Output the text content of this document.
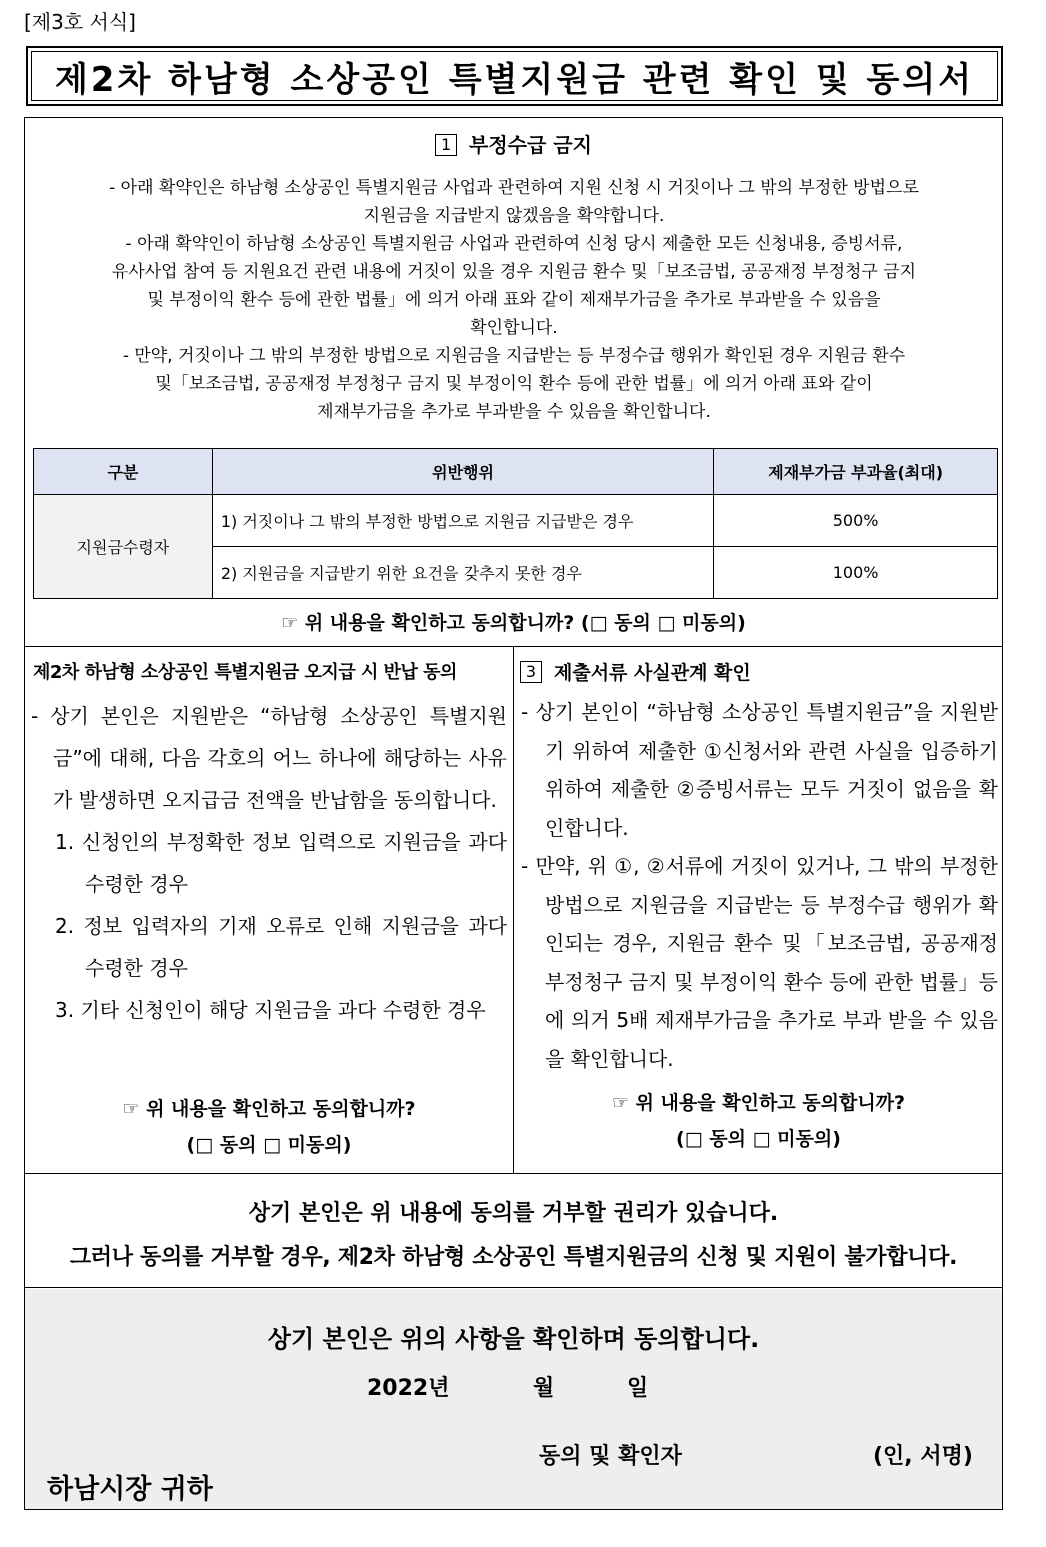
[제3호 서식]
제2차 하남형 소상공인 특별지원금 관련 확인 및 동의서
1 부정수급 금지
- 아래 확약인은 하남형 소상공인 특별지원금 사업과 관련하여 지원 신청 시 거짓이나 그 밖의 부정한 방법으로
지원금을 지급받지 않겠음을 확약합니다.
- 아래 확약인이 하남형 소상공인 특별지원금 사업과 관련하여 신청 당시 제출한 모든 신청내용, 증빙서류,
유사사업 참여 등 지원요건 관련 내용에 거짓이 있을 경우 지원금 환수 및「보조금법, 공공재정 부정청구 금지
및 부정이익 환수 등에 관한 법률」에 의거 아래 표와 같이 제재부가금을 추가로 부과받을 수 있음을
확인합니다.
- 만약, 거짓이나 그 밖의 부정한 방법으로 지원금을 지급받는 등 부정수급 행위가 확인된 경우 지원금 환수
및「보조금법, 공공재정 부정청구 금지 및 부정이익 환수 등에 관한 법률」에 의거 아래 표와 같이
제재부가금을 추가로 부과받을 수 있음을 확인합니다.
구분	위반행위	제재부가금 부과율(최대)
지원금수령자	1) 거짓이나 그 밖의 부정한 방법으로 지원금 지급받은 경우	500%
	2) 지원금을 지급받기 위한 요건을 갖추지 못한 경우	100%
☞ 위 내용을 확인하고 동의합니까? (□ 동의 □ 미동의)
제2차 하남형 소상공인 특별지원금 오지급 시 반납 동의

- 상기 본인은 지원받은 “하남형 소상공인 특별지원금”에 대해, 다음 각호의 어느 하나에 해당하는 사유가 발생하면 오지급금 전액을 반납함을 동의합니다.

1. 신청인의 부정확한 정보 입력으로 지원금을 과다 수령한 경우

2. 정보 입력자의 기재 오류로 인해 지원금을 과다 수령한 경우

3. 기타 신청인이 해당 지원금을 과다 수령한 경우

☞ 위 내용을 확인하고 동의합니까?
(□ 동의 □ 미동의)
3 제출서류 사실관계 확인

- 상기 본인이 “하남형 소상공인 특별지원금”을 지원받기 위하여 제출한 ①신청서와 관련 사실을 입증하기 위하여 제출한 ②증빙서류는 모두 거짓이 없음을 확인합니다.

- 만약, 위 ①, ②서류에 거짓이 있거나, 그 밖의 부정한 방법으로 지원금을 지급받는 등 부정수급 행위가 확인되는 경우, 지원금 환수 및「보조금법, 공공재정 부정청구 금지 및 부정이익 환수 등에 관한 법률」등에 의거 5배 제재부가금을 추가로 부과 받을 수 있음을 확인합니다.

☞ 위 내용을 확인하고 동의합니까?
(□ 동의 □ 미동의)
상기 본인은 위 내용에 동의를 거부할 권리가 있습니다.
그러나 동의를 거부할 경우, 제2차 하남형 소상공인 특별지원금의 신청 및 지원이 불가합니다.
상기 본인은 위의 사항을 확인하며 동의합니다.
2022년	월	일
동의 및 확인자	(인, 서명)
하남시장 귀하
